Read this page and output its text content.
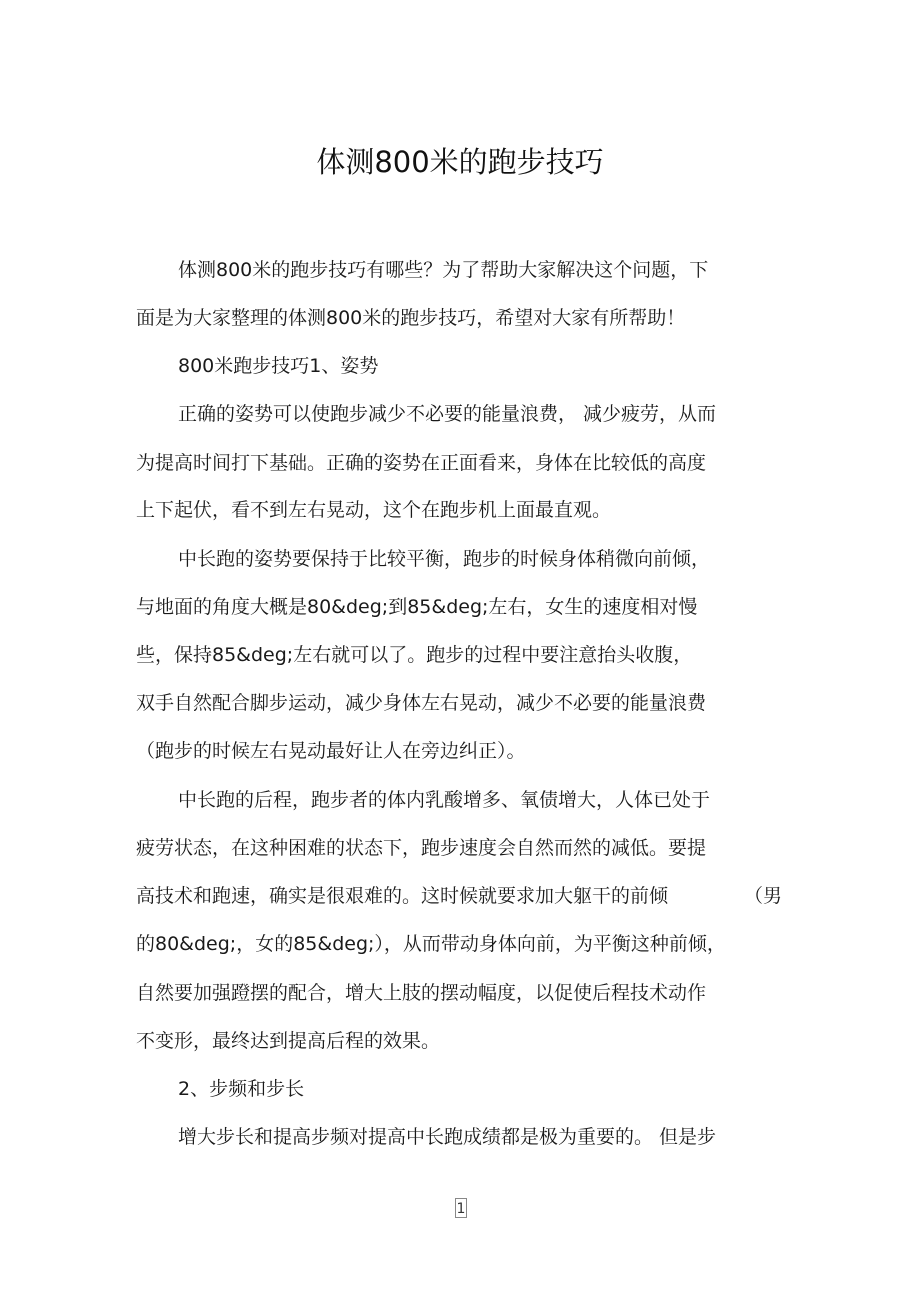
体测800米的跑步技巧
体测800米的跑步技巧有哪些？为了帮助大家解决这个问题，下
面是为大家整理的体测800米的跑步技巧，希望对大家有所帮助！
800米跑步技巧1、姿势
正确的姿势可以使跑步减少不必要的能量浪费， 减少疲劳，从而
为提高时间打下基础。正确的姿势在正面看来，身体在比较低的高度
上下起伏，看不到左右晃动，这个在跑步机上面最直观。
中长跑的姿势要保持于比较平衡，跑步的时候身体稍微向前倾，
与地面的角度大概是80&deg;到85&deg;左右，女生的速度相对慢
些，保持85&deg;左右就可以了。跑步的过程中要注意抬头收腹，
双手自然配合脚步运动，减少身体左右晃动，减少不必要的能量浪费
（跑步的时候左右晃动最好让人在旁边纠正）。
中长跑的后程，跑步者的体内乳酸增多、氧债增大，人体已处于
疲劳状态，在这种困难的状态下，跑步速度会自然而然的减低。要提
高技术和跑速，确实是很艰难的。这时候就要求加大躯干的前倾	（男
的80&deg;，女的85&deg;），从而带动身体向前，为平衡这种前倾，
自然要加强蹬摆的配合，增大上肢的摆动幅度，以促使后程技术动作
不变形，最终达到提高后程的效果。
2、步频和步长
增大步长和提高步频对提高中长跑成绩都是极为重要的。 但是步
1
